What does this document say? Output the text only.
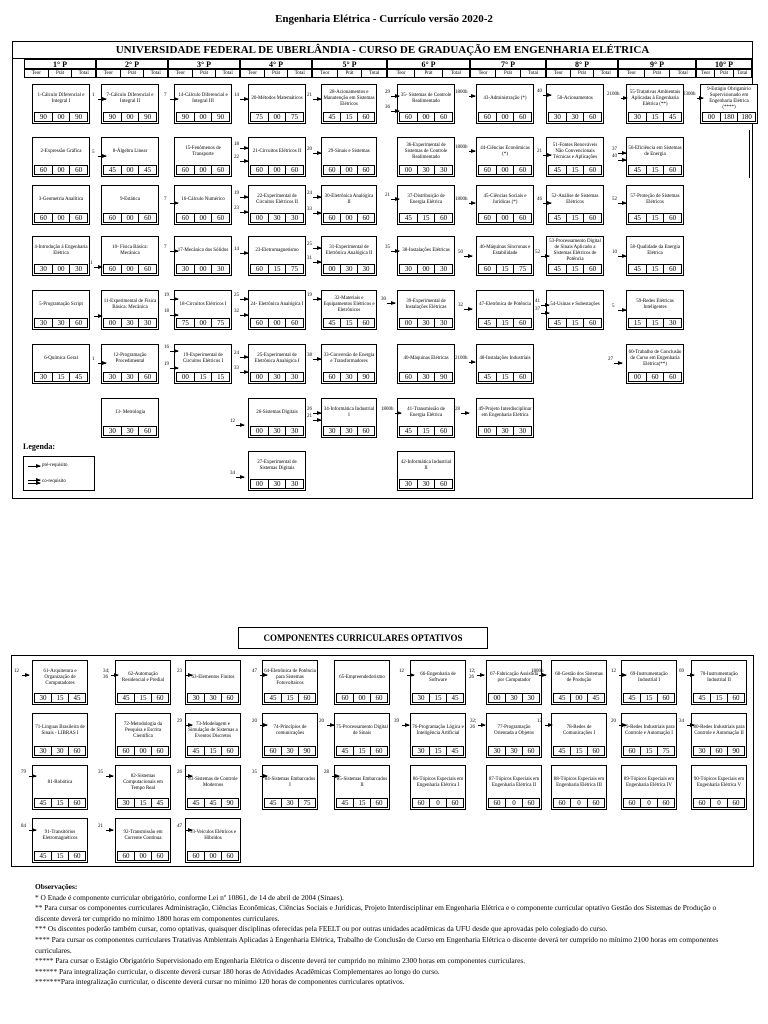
Engenharia Elétrica - Currículo versão 2020-2
UNIVERSIDADE FEDERAL DE UBERLÂNDIA - CURSO DE GRADUAÇÃO EM ENGENHARIA ELÉTRICA
1° P
Teor	Prát	Total
2° P
Teor	Prát	Total
3° P
Teor	Prát	Total
4° P
Teor	Prát	Total
5° P
Teor	Prát	Total
6° P
Teor	Prát	Total
7° P
Teor	Prát	Total
8° P
Teor	Prát	Total
9° P
Teor	Prát	Total
10° P
Teor	Prát	Total
1-Cálculo Diferencial e Integral I
90	00	90
2-Expressão Gráfica
60	00	60
3-Geometria Analítica
60	00	60
4-Introdução à Engenharia Elétrica
30	00	30
5-Programação Script
30	30	60
6-Química Geral
30	15	45
7-Cálculo Diferencial e Integral II
90	00	90
8-Álgebra Linear
45	00	45
9-Estática
60	00	60
10- Física Básica: Mecânica
60	00	60
11-Experimental de Física Básica: Mecânica
00	30	30
12-Programação Procedimental
30	30	60
13- Metrologia
30	30	60
14-Cálculo Diferencial e Integral III
90	00	90
15-Fenômenos de Transporte
60	00	60
16-Cálculo Numérico
60	00	60
17-Mecânica dos Sólidos
30	00	30
18-Circuitos Elétricos I
75	00	75
19-Experimental de Circuitos Elétricos I
00	15	15
20-Métodos Matemáticos
75	00	75
21-Circuitos Elétricos II
60	00	60
22-Experimental de Circuitos Elétricos II
00	30	30
23-Eletromagnetismo
60	15	75
24- Eletrônica Analógica I
60	00	60
25-Experimental de Eletrônica Analógica I
00	30	30
26-Sistemas Digitais
00	30	30
27-Experimental de Sistemas Digitais
00	30	30
28-Acionamentos e Manutenção em Sistemas Elétricos
45	15	60
29-Sinais e Sistemas
60	00	60
30-Eletrônica Analógica II
60	00	60
31-Experimental de Eletrônica Analógica II
00	30	30
32-Materiais e Equipamentos Elétricos e Eletrônicos
45	15	60
33-Conversão de Energia e Transformadores
60	30	90
34-Informática Industrial I
30	30	60
35- Sistemas de Controle Realimentado
60	00	60
36-Experimental de Sistemas de Controle Realimentado
00	30	30
37-Distribuição de Energia Elétrica
45	15	60
38-Instalações Elétricas
30	00	30
39-Experimental de Instalações Elétricas
00	30	30
40-Máquinas Elétricas
60	30	90
41-Transmissão de Energia Elétrica
45	15	60
42-Informática Industrial II
30	30	60
43-Administração (*)
60	00	60
44-Ciências Econômicas (*)
60	00	60
45-Ciências Sociais e Jurídicas (*)
60	00	60
46-Máquinas Síncronas e Estabilidade
60	15	75
47-Eletrônica de Potência
45	15	60
48-Instalações Industriais
45	15	60
49-Projeto Interdisciplinar em Engenharia Elétrica
00	30	30
50-Acionamentos
30	30	60
51-Fontes Renováveis Não Convencionais Técnicas e Aplicações
45	15	60
52-Análise de Sistemas Elétricos
45	15	60
53-Processamento Digital de Sinais Aplicado a Sistemas Elétricos de Potência
45	15	60
54-Usinas e Subestações
45	15	60
55-Tratativas Ambientais Aplicadas à Engenharia Elétrica (**)
30	15	45
56-Eficiência em Sistemas de Energia
45	15	60
57-Proteção de Sistemas Elétricos
45	15	60
58-Qualidade da Energia Elétrica
45	15	60
59-Redes Elétricas Inteligentes
15	15	30
60-Trabalho de Conclusão de Curso em Engenharia Elétrica(**)
00	60	60
9-Estágio Obrigatório Supervisionado em Engenharia Elétrica (****)
00	180	180
1	7	14	21
29
36
1800h	40
2100h	2300h
5
18
22
20	1800h
21	37
40
7
19
23
24
33
21
1800h	46	52
11
7	14
25
31
35
50	52	10
1
19
18
25
32
19
30
32
41
37
5
1
16
19
24
33
38
2100h	27
12
26
21
1800h	28
34
Legenda:
pré-requisito
co-requisito
COMPONENTES CURRICULARES OPTATIVOS
61-Arquitetura e Organização de Computadores
30	15	45
62-Automação Residencial e Predial
45	15	60
63-Elementos Finitos
30	30	60
64-Eletrônica de Potência para Sistemas Fotovoltaicos
45	15	60
65-Empreendedorismo
60	00	60
66-Engenharia de Software
30	15	45
67-Fabricação Assistida por Computador
00	30	30
68-Gestão dos Sistemas de Produção
45	00	45
69-Instrumentação Industrial I
45	15	60
70-Instrumentação Industrial II
45	15	60
71-Línguas Brasileira de Sinais - LIBRAS I
30	30	60
72-Metodologia da Pesquisa e Escrita Científica
60	00	60
73-Modelagem e Simulação de Sistemas a Eventos Discretos
45	15	60
74-Princípios de comunicações
60	30	90
75-Processamento Digital de Sinais
45	15	60
76-Programação Lógica e Inteligência Artificial
30	15	45
77-Programação Orientada a Objetos
30	30	60
78-Redes de Comunicações I
45	15	60
79-Redes Industriais para Controle e Automação I
60	15	75
80-Redes Industriais para Controle e Automação II
30	60	90
81-Robótica
45	15	60
82-Sistemas Computacionais em Tempo Real
30	15	45
83-Sistemas de Controle Modernos
45	45	90
84-Sistemas Embarcados I
45	30	75
85-Sistemas Embarcados II
45	15	60
86-Tópicos Especiais em Engenharia Elétrica I
60	0	60
87-Tópicos Especiais em Engenharia Elétrica II
60	0	60
88-Tópicos Especiais em Engenharia Elétrica III
60	0	60
89-Tópicos Especiais em Engenharia Elétrica IV
60	0	60
90-Tópicos Especiais em Engenharia Elétrica V
60	0	60
91-Transitórios Eletromagnéticos
45	15	60
92-Transmissão em Corrente Contínua
60	00	60
93-Veículos Elétricos e Híbridos
60	00	60
12	34;
36
23	47	12	12;
26
1800h	12	69
20
29	20	39	32;
26
12	20	34
79	35	26	35	28
84	21	47
Observações:
* O Enade é componente curricular obrigatório, conforme Lei nº 10861, de 14 de abril de 2004 (Sinaes).
** Para cursar os componentes curriculares Administração, Ciências Econômicas, Ciências Sociais e Jurídicas, Projeto Interdisciplinar em Engenharia Elétrica e o componente curricular optativo Gestão dos Sistemas de Produção o discente deverá ter cumprido no mínimo 1800 horas em componentes curriculares.
*** Os discentes poderão também cursar, como optativas, quaisquer disciplinas oferecidas pela FEELT ou por outras unidades acadêmicas da UFU desde que aprovadas pelo colegiado do curso.
**** Para cursar os componentes curriculares Tratativas Ambientais Aplicadas à Engenharia Elétrica, Trabalho de Conclusão de Curso em Engenharia Elétrica o discente deverá ter cumprido no mínimo 2100 horas em componentes curriculares.
***** Para cursar o Estágio Obrigatório Supervisionado em Engenharia Elétrica o discente deverá ter cumprido no mínimo 2300 horas em componentes curriculares.
****** Para integralização curricular, o discente deverá cursar 180 horas de Atividades Acadêmicas Complementares ao longo do curso.
*******Para integralização curricular, o discente deverá cursar no mínimo 120 horas de componentes curriculares optativos.
